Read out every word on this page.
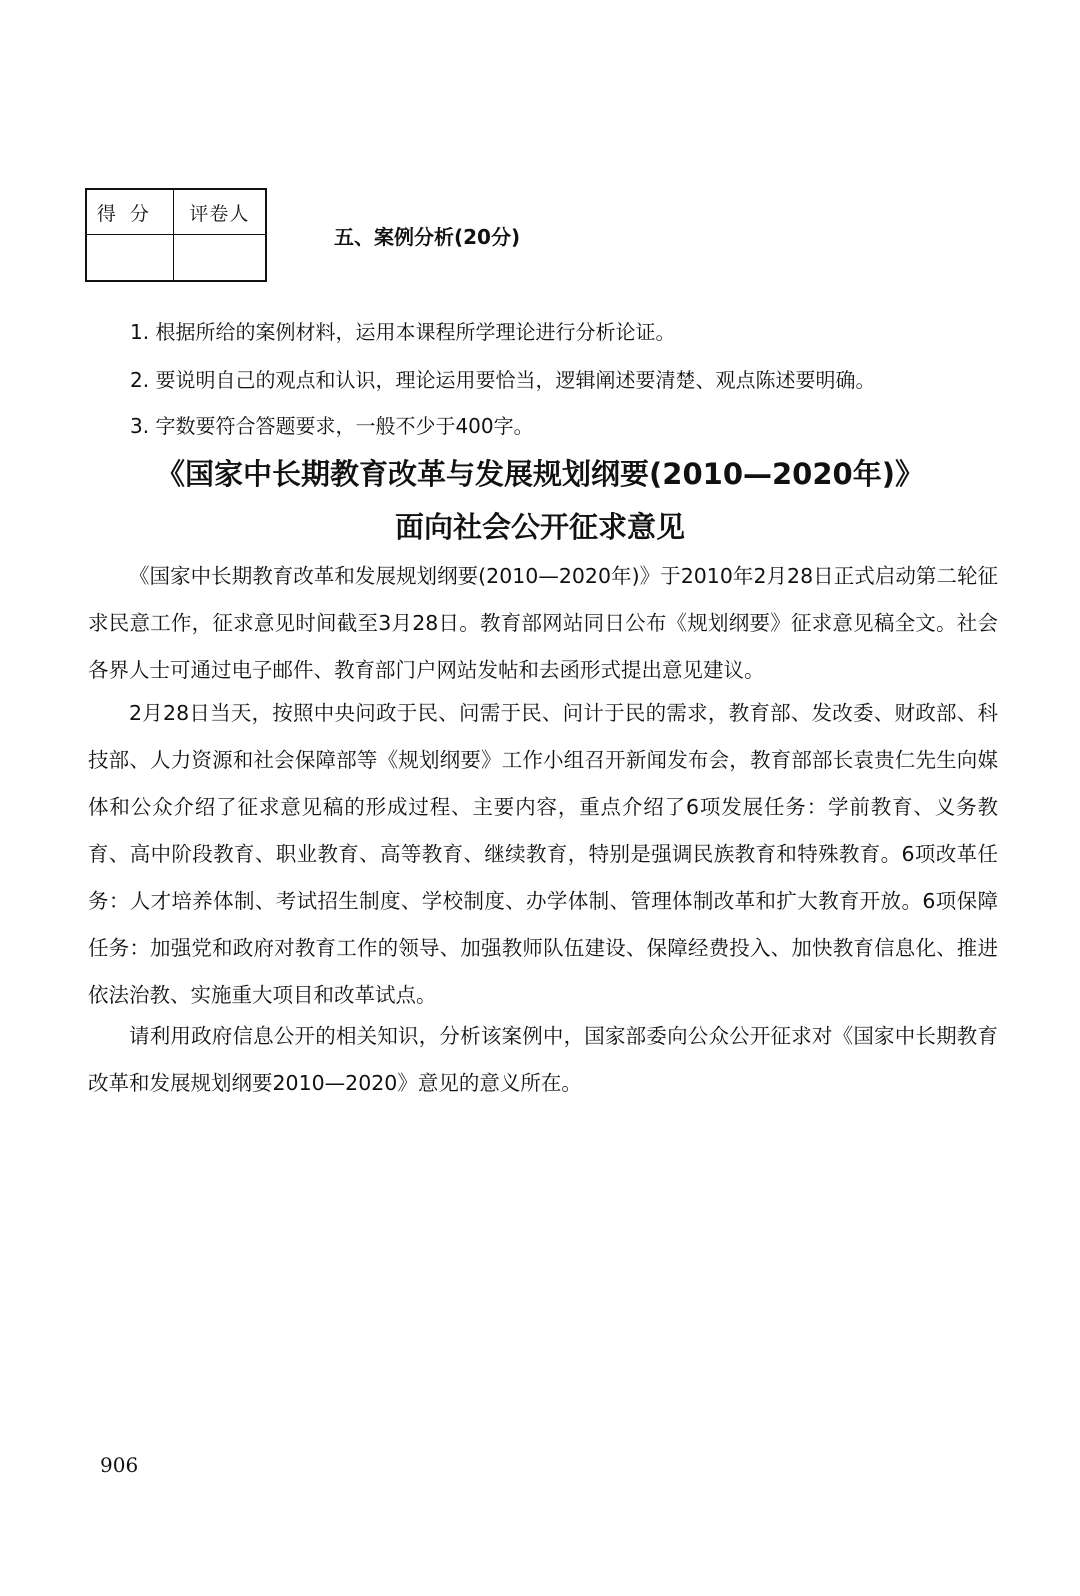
得分	评卷人

五、案例分析(20分)
1. 根据所给的案例材料，运用本课程所学理论进行分析论证。
2. 要说明自己的观点和认识，理论运用要恰当，逻辑阐述要清楚、观点陈述要明确。
3. 字数要符合答题要求，一般不少于400字。
《国家中长期教育改革与发展规划纲要(2010—2020年)》
面向社会公开征求意见

《国家中长期教育改革和发展规划纲要(2010—2020年)》于2010年2月28日正式启动第二轮征求民意工作，征求意见时间截至3月28日。教育部网站同日公布《规划纲要》征求意见稿全文。社会各界人士可通过电子邮件、教育部门户网站发帖和去函形式提出意见建议。

2月28日当天，按照中央问政于民、问需于民、问计于民的需求，教育部、发改委、财政部、科技部、人力资源和社会保障部等《规划纲要》工作小组召开新闻发布会，教育部部长袁贵仁先生向媒体和公众介绍了征求意见稿的形成过程、主要内容，重点介绍了6项发展任务：学前教育、义务教育、高中阶段教育、职业教育、高等教育、继续教育，特别是强调民族教育和特殊教育。6项改革任务：人才培养体制、考试招生制度、学校制度、办学体制、管理体制改革和扩大教育开放。6项保障任务：加强党和政府对教育工作的领导、加强教师队伍建设、保障经费投入、加快教育信息化、推进依法治教、实施重大项目和改革试点。

请利用政府信息公开的相关知识，分析该案例中，国家部委向公众公开征求对《国家中长期教育改革和发展规划纲要2010—2020》意见的意义所在。

906
